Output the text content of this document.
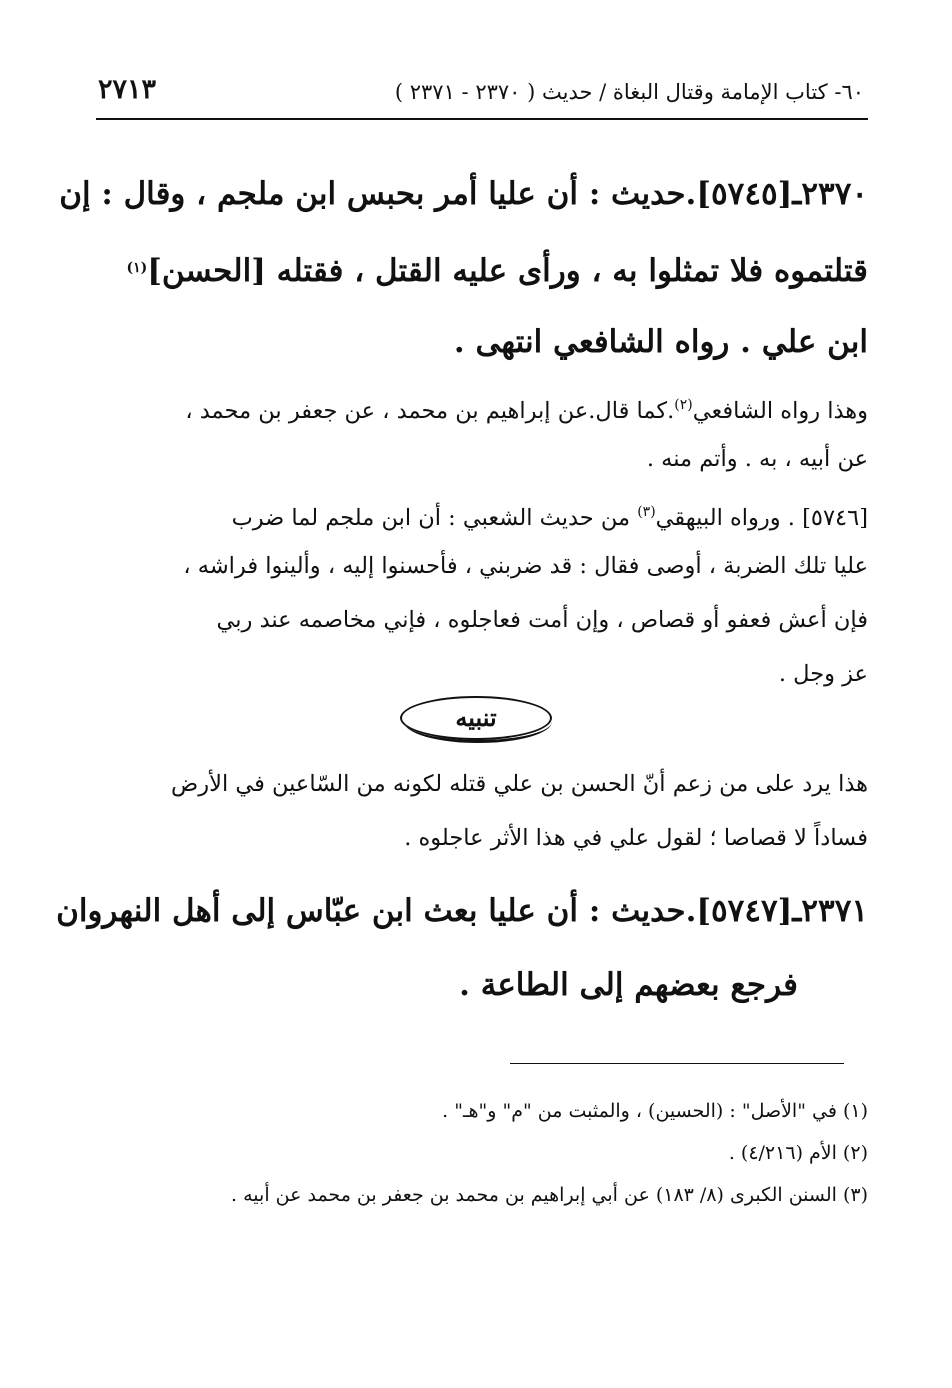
٦٠- كتاب الإمامة وقتال البغاة / حديث ( ٢٣٧٠ - ٢٣٧١ )
٢٧١٣
٢٣٧٠ـ[٥٧٤٥].حديث : أن عليا أمر بحبس ابن ملجم ، وقال : إن
قتلتموه فلا تمثلوا به ، ورأى عليه القتل ، فقتله [الحسن]$^{(١)}$
ابن علي . رواه الشافعي انتهى .
وهذا رواه الشافعي$^{(٢)}$.كما قال.عن إبراهيم بن محمد ، عن جعفر بن محمد ،
عن أبيه ، به . وأتم منه .
[٥٧٤٦] . ورواه البيهقي$^{(٣)}$ من حديث الشعبي : أن ابن ملجم لما ضرب
عليا تلك الضربة ، أوصى فقال : قد ضربني ، فأحسنوا إليه ، وألينوا فراشه ،
فإن أعش فعفو أو قصاص ، وإن أمت فعاجلوه ، فإني مخاصمه عند ربي
عز وجل .
تنبيه
هذا يرد على من زعم أنّ الحسن بن علي قتله لكونه من السّاعين في الأرض
فساداً لا قصاصا ؛ لقول علي في هذا الأثر عاجلوه .
٢٣٧١ـ[٥٧٤٧].حديث : أن عليا بعث ابن عبّاس إلى أهل النهروان
فرجع بعضهم إلى الطاعة .
(١) في "الأصل" : (الحسين) ، والمثبت من "م" و"هـ" .
(٢) الأم (٤/٢١٦) .
(٣) السنن الكبرى (٨/ ١٨٣) عن أبي إبراهيم بن محمد بن جعفر بن محمد عن أبيه .
